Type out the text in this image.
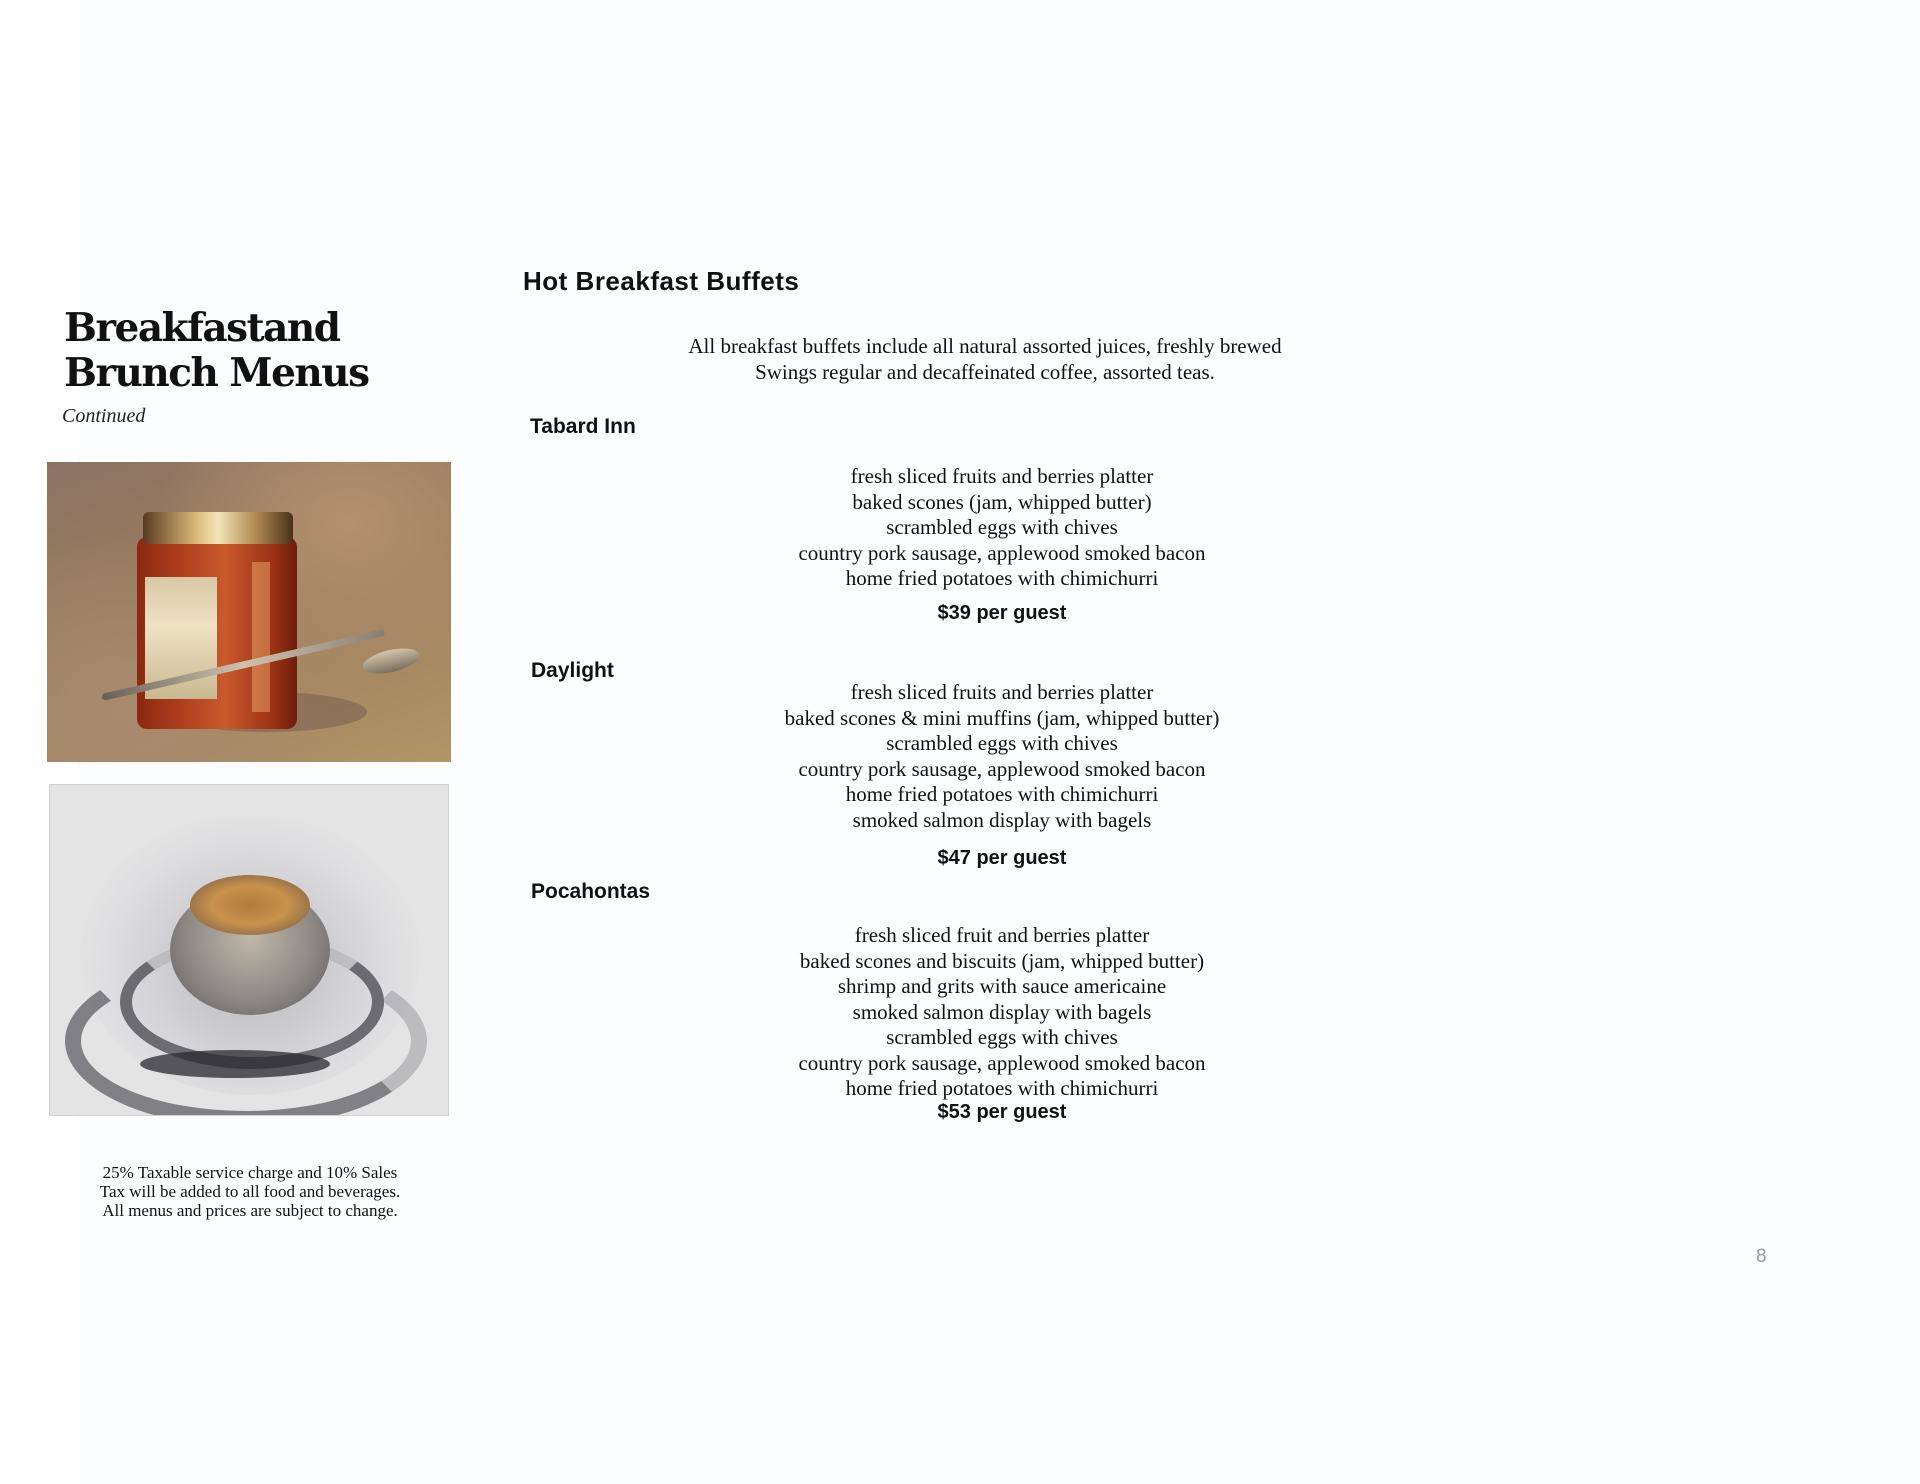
Breakfastand
Brunch Menus
Continued
25% Taxable service charge and 10% Sales
Tax will be added to all food and beverages.
All menus and prices are subject to change.
Hot Breakfast Buffets
All breakfast buffets include all natural assorted juices, freshly brewed
Swings regular and decaffeinated coffee, assorted teas.
Tabard Inn
fresh sliced fruits and berries platter
baked scones (jam, whipped butter)
scrambled eggs with chives
country pork sausage, applewood smoked bacon
home fried potatoes with chimichurri
$39 per guest
Daylight
fresh sliced fruits and berries platter
baked scones & mini muffins (jam, whipped butter)
scrambled eggs with chives
country pork sausage, applewood smoked bacon
home fried potatoes with chimichurri
smoked salmon display with bagels
$47 per guest
Pocahontas
fresh sliced fruit and berries platter
baked scones and biscuits (jam, whipped butter)
shrimp and grits with sauce americaine
smoked salmon display with bagels
scrambled eggs with chives
country pork sausage, applewood smoked bacon
home fried potatoes with chimichurri
$53 per guest
8
